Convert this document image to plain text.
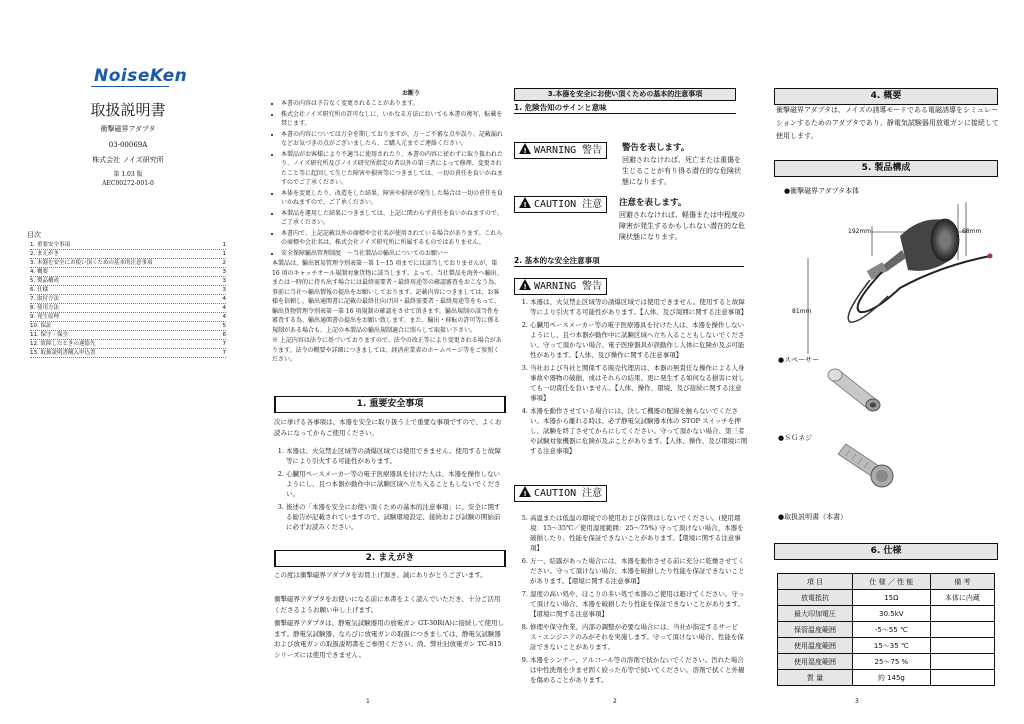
NoiseKen
取扱説明書
衝撃磁界アダプタ
03-00069A
株式会社 ノイズ研究所
第 1.03 版
AEC00272-001-0
目次
1. 重要安全事項	1
2. まえがき	1
3. 本器を安全にお使い頂くための基本的注意事項	2
4. 概要	3
5. 製品構成	3
6. 仕様	3
7. 取付方法	4
8. 使用方法	4
9. 発生原理	4
10. 保証	5
11. 保守・保全	6
12. 故障したときの連絡先	7
13. 取扱説明書購入申込書	7
1
お断り
• 本書の内容は予告なく変更されることがあります。
• 株式会社ノイズ研究所の許可なしに、いかなる方法においても本書の複写、転載を禁じます。
• 本書の内容については万全を期しておりますが、万一ご不審な点や誤り、記載漏れなどお気づきの点がございましたら、ご購入元までご連絡ください。
• 本製品がお客様により不適当に使用されたり、本書の内容に従わずに取り扱われたり、ノイズ研究所及びノイズ研究所指定の者以外の第三者によって修理、変更されたこと等に起因して生じた障害や損害等につきましては、一切の責任を負いかねますのでご了承ください。
• 本体を変更したり、改造をした結果、障害や損害が発生した場合は一切の責任を負いかねますので、ご了承ください。
• 本製品を運用した結果につきましては、上記に関わらず責任を負いかねますので、ご了承ください。
• 本書内で、上記記載以外の商標や会社名が使用されている場合があります。これらの商標や会社名は、株式会社ノイズ研究所に所属するものではありません。
• 安全保障輸出管理制度　〜当社製品の輸出についてのお願い〜
本製品は、輸出貿易管理令別表第一第 1〜15 項までには該当しておりませんが、第 16 項のキャッチオール規制対象貨物に該当します。よって、当社製品を海外へ輸出、または一時的に持ち出す場合には最終需要者・最終用途等の確認審査をおこなう為、事前に当社へ輸出情報の提出をお願いしております。記載内容につきましては、お客様を信頼し、輸出通関書に記載の最終仕向け国・最終需要者・最終用途等をもって、輸出貨物管理令別表第一第 16 項規制の確認をさせて頂きます。輸出規制の該当性を審査する為、輸出通関書の提出をお願い致します。また、輸出・移転の許可等に係る規制がある場合も、上記の本製品の輸出規制適合に照らして取扱い下さい。
※ 上記内容は法令に基づいておりますので、法令の改正等により変更される場合があります。法令の概要や詳細につきましては、経済産業省のホームページ等をご参照ください。
1. 重要安全事項
次に挙げる各事項は、本器を安全に取り扱う上で重要な事項ですので、よくお読みになってからご使用ください。
1. 本器は、火気禁止区域等の誘爆区域では使用できません。使用すると故障等により引火する可能性があります。
2. 心臓用ペースメーカー等の電子医療器具を付けた人は、本器を操作しないようにし、且つ本器が動作中に試験区域へ立ち入ることもしないでください。
3. 後述の「本器を安全にお使い頂くための基本的注意事項」に、安全に関する勧告が記載されていますので、試験環境設定、接続および試験の開始前に必ずお読みください。
2. まえがき
この度は衝撃磁界アダプタをお買上げ頂き、誠にありがとうございます。
衝撃磁界アダプタをお使いになる前に本書をよく読んでいただき、十分ご活用くださるようお願い申し上げます。
衝撃磁界アダプタは、静電気試験器用の放電ガン GT-30R(A)に接続して使用します。静電気試験器、ならびに放電ガンの取扱につきましては、静電気試験器および放電ガンの取扱説明書をご参照ください。尚、弊社旧放電ガン TC-815 シリーズには使用できません。
3.本器を安全にお使い頂くための基本的注意事項
1. 危険告知のサインと意味
!WARNING 警告	警告を表します。
回避されなければ、死亡または重傷を生じることが有り得る潜在的な危険状態になります。
!CAUTION 注意	注意を表します。
回避されなければ、軽傷または中程度の障害が発生するかもしれない潜在的な危険状態になります。
2. 基本的な安全注意事項
!WARNING 警告
1. 本器は、火気禁止区域等の誘爆区域では使用できません。使用すると故障等により引火する可能性があります。【人体、及び周囲に関する注意事項】
2. 心臓用ペースメーカー等の電子医療器具を付けた人は、本器を操作しないようにし、且つ本器が動作中に試験区域へ立ち入ることもしないでください。守って頂かない場合、電子医療器具が誤動作し人体に危険が及ぶ可能性があります。【人体、及び操作に関する注意事項】
3. 当社および当社と関係する販売代理店は、本器の無責任な操作による人身事故や器物の破損、或はそれらの結果、更に発生する如何なる損害に対しても一切責任を負いません。【人体、操作、環境、及び接続に関する注意事項】
4. 本器を動作させている場合には、決して機器の配線を触らないでください。本器から離れる時は、必ず静電気試験器本体の STOP スイッチを押し、試験を終了させてからにしてください。守って頂かない場合、第三者や試験対象機器に危険が及ぶことがあります。【人体、操作、及び環境に関する注意事項】
!CAUTION 注意
5. 高温または低温の環境での使用および保管はしないでください。(使用環境：15〜35℃／使用湿度範囲：25〜75%) 守って頂けない場合、本器を破損したり、性能を保証できないことがあります。【環境に関する注意事項】
6. 万一、結露があった場合には、本器を動作させる前に充分に乾燥させてください。守って頂けない場合、本器を破損したり性能を保証できないことがあります。【環境に関する注意事項】
7. 湿度の高い処や、ほこりの多い処で本器のご使用は避けてください。守って頂けない場合、本器を破損したり性能を保証できないことがあります。【環境に関する注意事項】
8. 修理や保守作業、内部の調整が必要な場合には、当社が指定するサービス・エンジニアのみがそれを実施します。守って頂けない場合、性能を保証できないことがあります。
9. 本器をシンナー、アルコール等の溶剤で拭かないでください。汚れた場合は中性洗剤を少ませ固く絞った布等で拭いてください。溶剤で拭くと外観を傷めることがあります。
2
4. 概要
衝撃磁界アダプタは、ノイズの誘導モードである電磁誘導をシミュレーションするためのアダプタであり、静電気試験器用放電ガンに接続して使用します。
5. 製品構成
●衝撃磁界アダプタ本体
192mm	68mm
81mm
●スペーサー
●ＳＧネジ
●取扱説明書（本書）
6. 仕様
項 目	仕 様 ／ 性 能	備 考
放電抵抗	15Ω	本体に内蔵
最大印加電圧	30.5kV	
保管温度範囲	-5〜55 ℃	
使用温度範囲	15〜35 ℃	
使用湿度範囲	25〜75 %	
質 量	約 145g	
3
